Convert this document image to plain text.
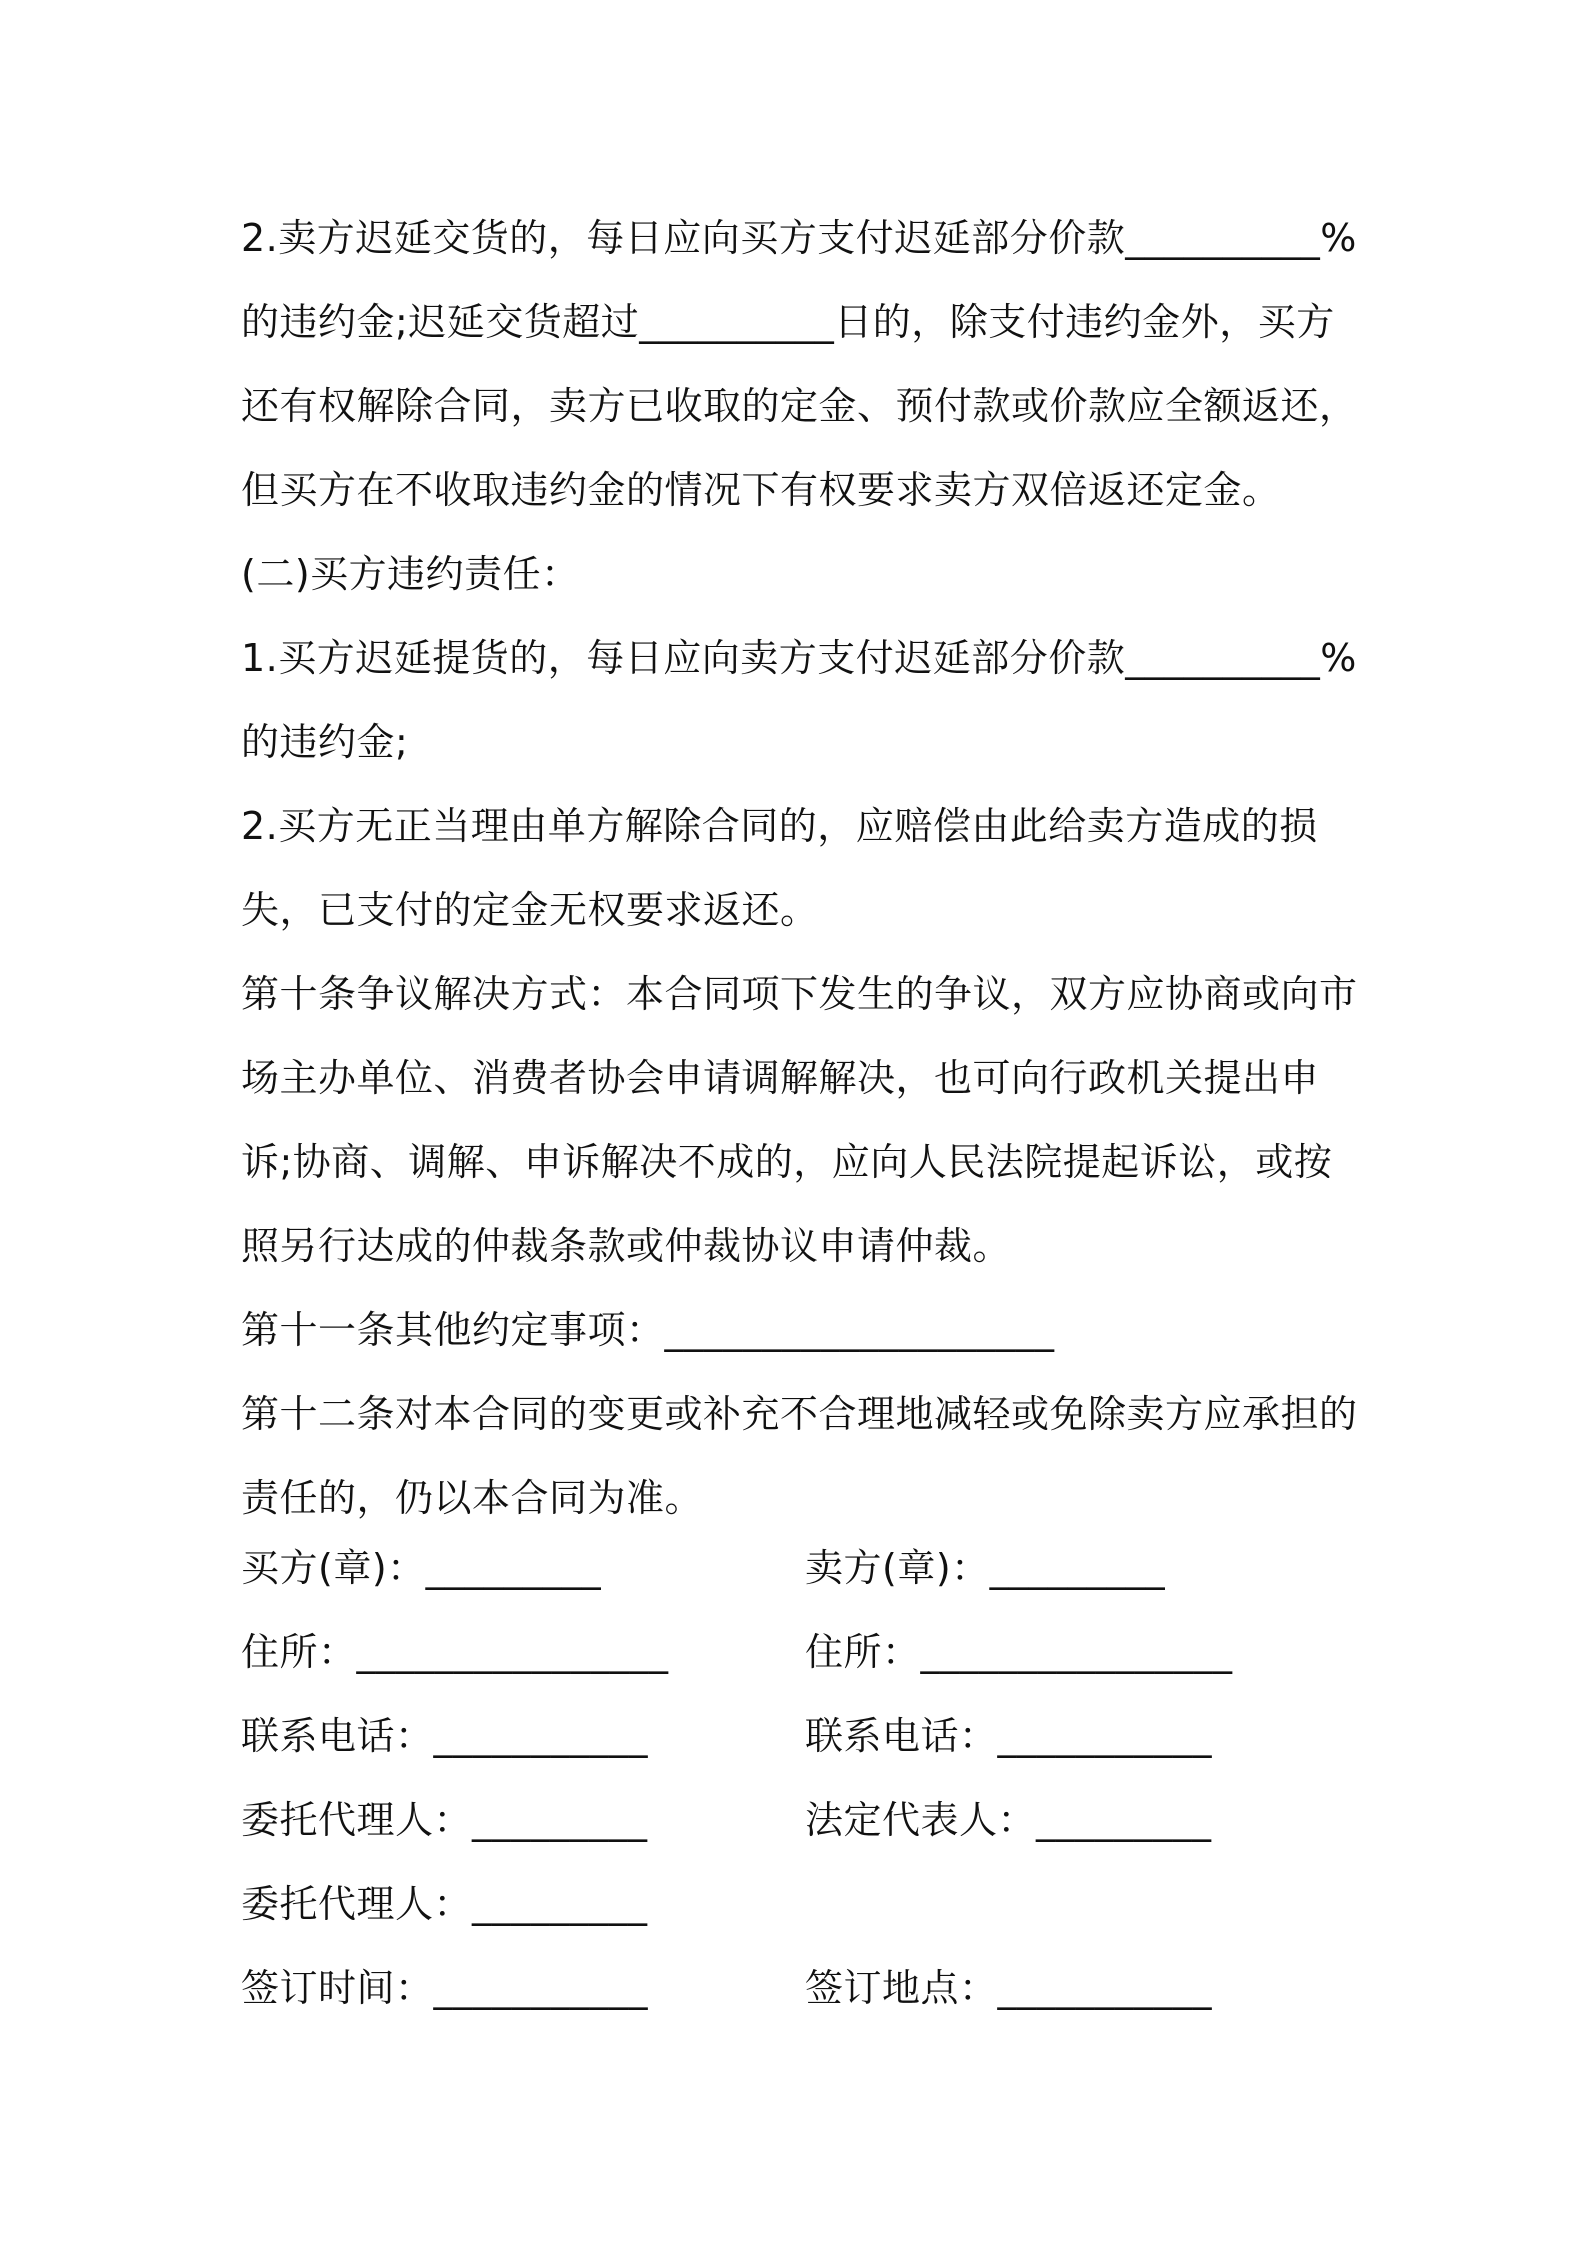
2.卖方迟延交货的，每日应向买方支付迟延部分价款__________%的违约金;迟延交货超过__________日的，除支付违约金外，买方还有权解除合同，卖方已收取的定金、预付款或价款应全额返还，但买方在不收取违约金的情况下有权要求卖方双倍返还定金。

(二)买方违约责任：

1.买方迟延提货的，每日应向卖方支付迟延部分价款__________%的违约金;

2.买方无正当理由单方解除合同的，应赔偿由此给卖方造成的损失，已支付的定金无权要求返还。

第十条争议解决方式：本合同项下发生的争议，双方应协商或向市场主办单位、消费者协会申请调解解决，也可向行政机关提出申诉;协商、调解、申诉解决不成的，应向人民法院提起诉讼，或按照另行达成的仲裁条款或仲裁协议申请仲裁。

第十一条其他约定事项：____________________

第十二条对本合同的变更或补充不合理地减轻或免除卖方应承担的责任的，仍以本合同为准。

买方(章)：_________	卖方(章)：_________
住所：________________	住所：________________
联系电话：___________	联系电话：___________
委托代理人：_________	法定代表人：_________
委托代理人：_________
签订时间：___________	签订地点：___________
